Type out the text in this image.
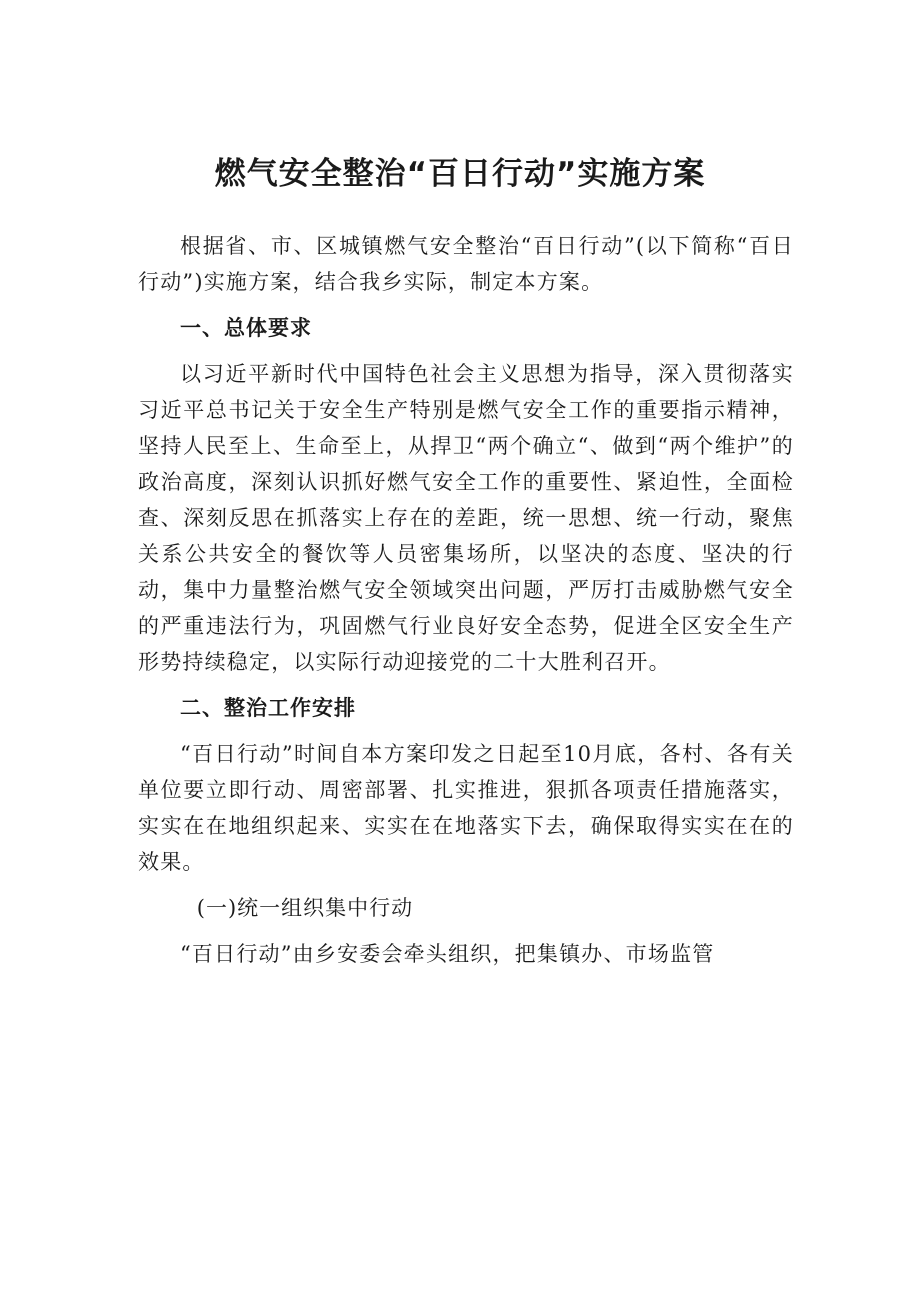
燃气安全整治“百日行动”实施方案

根据省、市、区城镇燃气安全整治“百日行动”(以下简称“百日行动”)实施方案，结合我乡实际，制定本方案。

一、总体要求

以习近平新时代中国特色社会主义思想为指导，深入贯彻落实习近平总书记关于安全生产特别是燃气安全工作的重要指示精神，坚持人民至上、生命至上，从捍卫“两个确立“、做到“两个维护”的政治高度，深刻认识抓好燃气安全工作的重要性、紧迫性，全面检查、深刻反思在抓落实上存在的差距，统一思想、统一行动，聚焦关系公共安全的餐饮等人员密集场所，以坚决的态度、坚决的行动，集中力量整治燃气安全领域突出问题，严厉打击威胁燃气安全的严重违法行为，巩固燃气行业良好安全态势，促进全区安全生产形势持续稳定，以实际行动迎接党的二十大胜利召开。

二、整治工作安排

“百日行动”时间自本方案印发之日起至10月底，各村、各有关单位要立即行动、周密部署、扎实推进，狠抓各项责任措施落实，实实在在地组织起来、实实在在地落实下去，确保取得实实在在的效果。

(一)统一组织集中行动

“百日行动”由乡安委会牵头组织，把集镇办、市场监管
